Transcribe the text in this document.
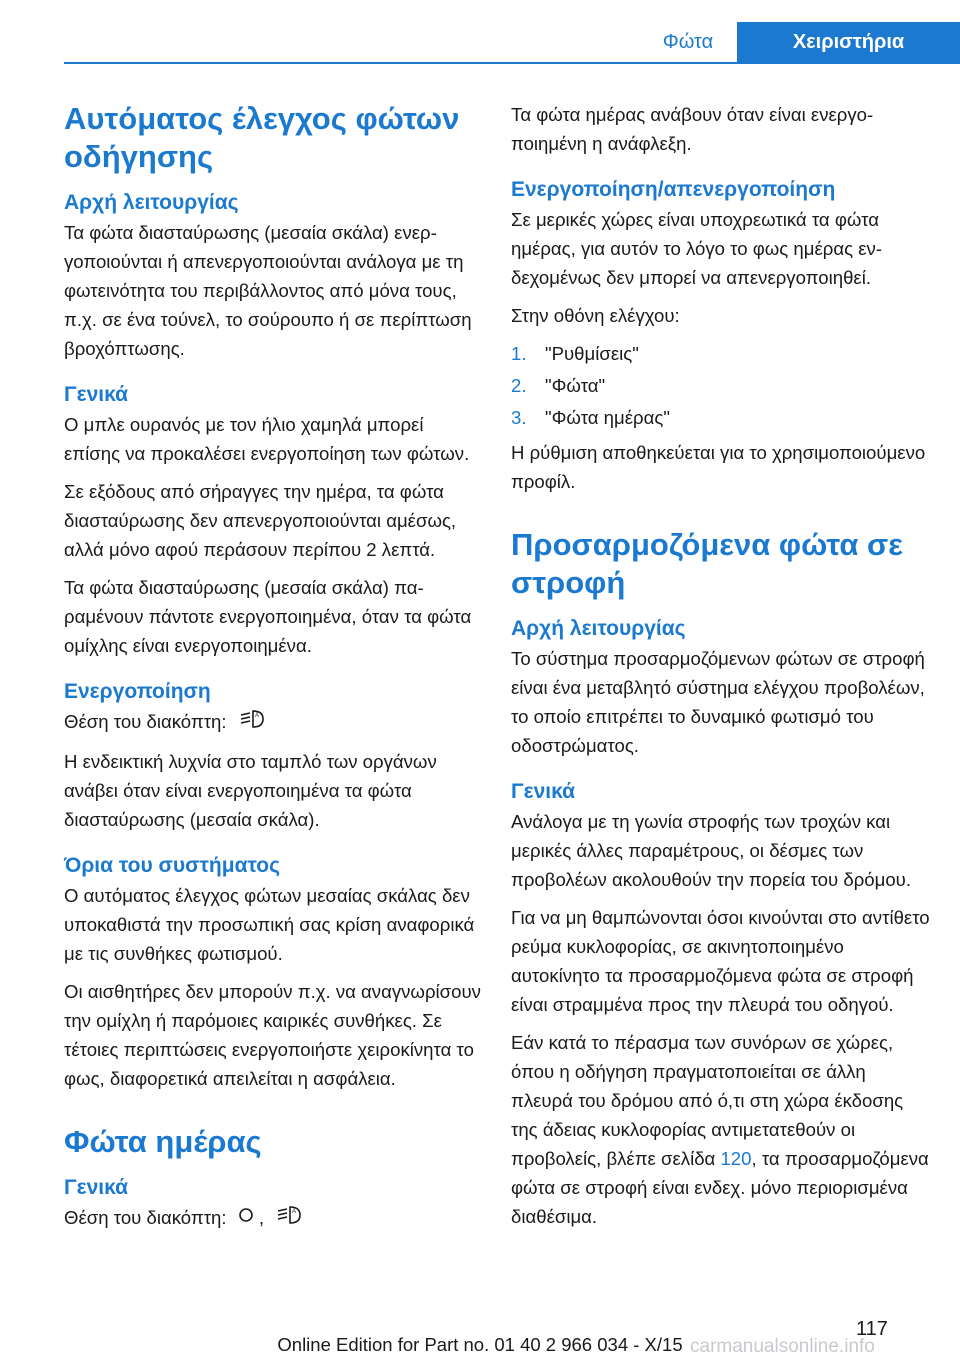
Φώτα	Χειριστήρια
Αυτόματος έλεγχος φώτων οδήγησης
Αρχή λειτουργίας

Τα φώτα διασταύρωσης (μεσαία σκάλα) ενεργοποιούνται ή απενεργοποιούνται ανάλογα με τη φωτεινότητα του περιβάλλοντος από μόνα τους, π.χ. σε ένα τούνελ, το σούρουπο ή σε περίπτωση βροχόπτωσης.

Γενικά

Ο μπλε ουρανός με τον ήλιο χαμηλά μπορεί επίσης να προκαλέσει ενεργοποίηση των φώτων.

Σε εξόδους από σήραγγες την ημέρα, τα φώτα διασταύρωσης δεν απενεργοποιούνται αμέσως, αλλά μόνο αφού περάσουν περίπου 2 λεπτά.

Τα φώτα διασταύρωσης (μεσαία σκάλα) παραμένουν πάντοτε ενεργοποιημένα, όταν τα φώτα ομίχλης είναι ενεργοποιημένα.

Ενεργοποίηση

Θέση του διακόπτη:	A

Η ενδεικτική λυχνία στο ταμπλό των οργάνων ανάβει όταν είναι ενεργοποιημένα τα φώτα διασταύρωσης (μεσαία σκάλα).

Όρια του συστήματος

Ο αυτόματος έλεγχος φώτων μεσαίας σκάλας δεν υποκαθιστά την προσωπική σας κρίση αναφορικά με τις συνθήκες φωτισμού.

Οι αισθητήρες δεν μπορούν π.χ. να αναγνωρίσουν την ομίχλη ή παρόμοιες καιρικές συνθήκες. Σε τέτοιες περιπτώσεις ενεργοποιήστε χειροκίνητα το φως, διαφορετικά απειλείται η ασφάλεια.

Φώτα ημέρας
Γενικά

Θέση του διακόπτη: ,	A

Τα φώτα ημέρας ανάβουν όταν είναι ενεργοποιημένη η ανάφλεξη.

Ενεργοποίηση/απενεργοποίηση

Σε μερικές χώρες είναι υποχρεωτικά τα φώτα ημέρας, για αυτόν το λόγο το φως ημέρας ενδεχομένως δεν μπορεί να απενεργοποιηθεί.

Στην οθόνη ελέγχου:

1. "Ρυθμίσεις"
2. "Φώτα"
3. "Φώτα ημέρας"

Η ρύθμιση αποθηκεύεται για το χρησιμοποιούμενο προφίλ.

Προσαρμοζόμενα φώτα σε στροφή
Αρχή λειτουργίας

Το σύστημα προσαρμοζόμενων φώτων σε στροφή είναι ένα μεταβλητό σύστημα ελέγχου προβολέων, το οποίο επιτρέπει το δυναμικό φωτισμό του οδοστρώματος.

Γενικά

Ανάλογα με τη γωνία στροφής των τροχών και μερικές άλλες παραμέτρους, οι δέσμες των προβολέων ακολουθούν την πορεία του δρόμου.

Για να μη θαμπώνονται όσοι κινούνται στο αντίθετο ρεύμα κυκλοφορίας, σε ακινητοποιημένο αυτοκίνητο τα προσαρμοζόμενα φώτα σε στροφή είναι στραμμένα προς την πλευρά του οδηγού.

Εάν κατά το πέρασμα των συνόρων σε χώρες, όπου η οδήγηση πραγματοποιείται σε άλλη πλευρά του δρόμου από ό,τι στη χώρα έκδοσης της άδειας κυκλοφορίας αντιμετατεθούν οι προβολείς, βλέπε σελίδα 120, τα προσαρμοζόμενα φώτα σε στροφή είναι ενδεχ. μόνο περιορισμένα διαθέσιμα.

117
Online Edition for Part no. 01 40 2 966 034 - X/15 carmanualsonline.info
